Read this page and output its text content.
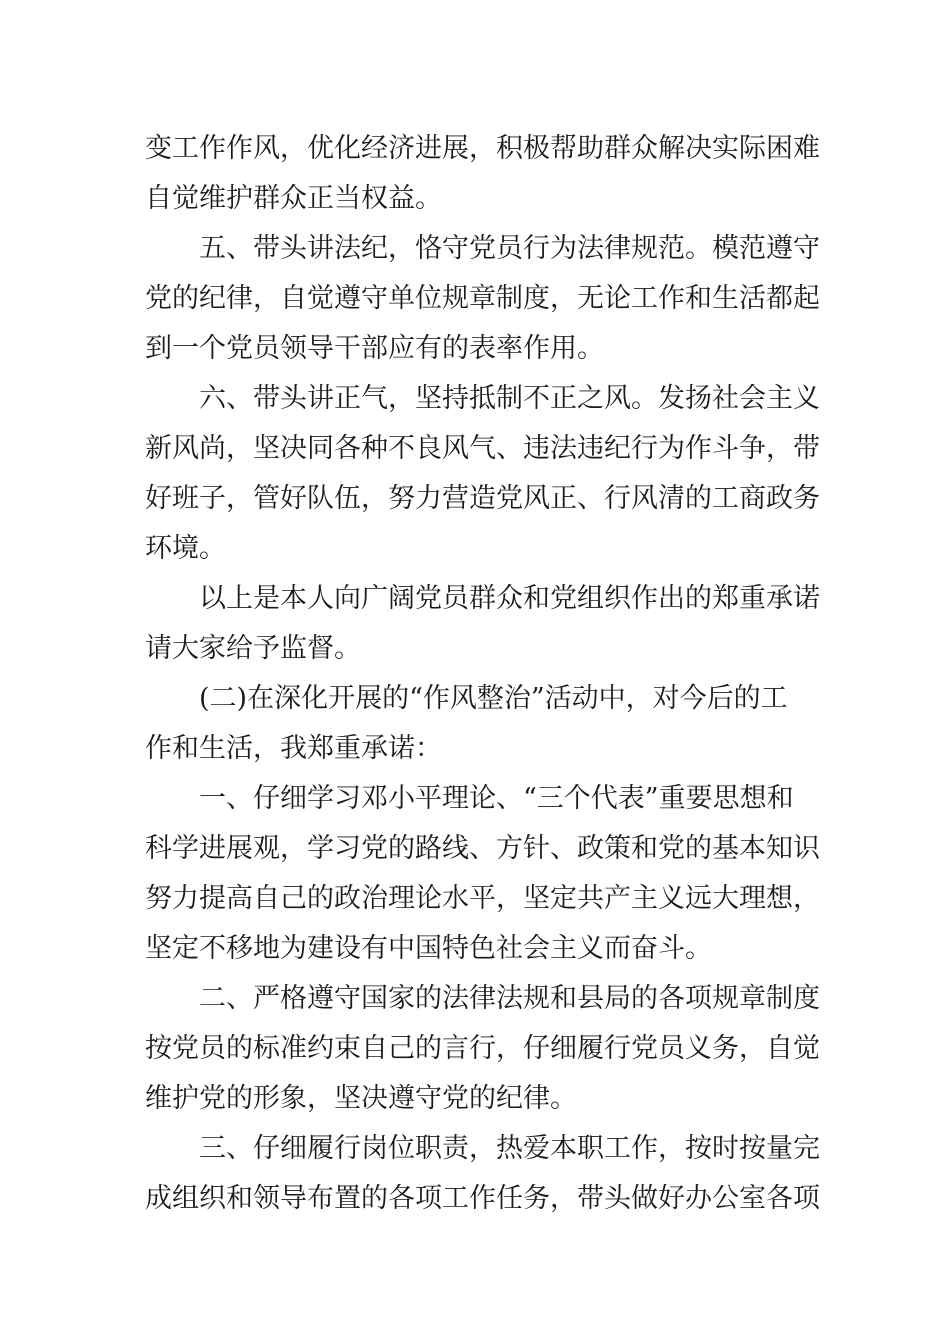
变工作作风，优化经济进展，积极帮助群众解决实际困难
自觉维护群众正当权益。
五、带头讲法纪，恪守党员行为法律规范。模范遵守
党的纪律，自觉遵守单位规章制度，无论工作和生活都起
到一个党员领导干部应有的表率作用。
六、带头讲正气，坚持抵制不正之风。发扬社会主义
新风尚，坚决同各种不良风气、违法违纪行为作斗争，带
好班子，管好队伍，努力营造党风正、行风清的工商政务
环境。
以上是本人向广阔党员群众和党组织作出的郑重承诺
请大家给予监督。
(二)在深化开展的“作风整治”活动中，对今后的工
作和生活，我郑重承诺：
一、仔细学习邓小平理论、“三个代表”重要思想和
科学进展观，学习党的路线、方针、政策和党的基本知识
努力提高自己的政治理论水平，坚定共产主义远大理想，
坚定不移地为建设有中国特色社会主义而奋斗。
二、严格遵守国家的法律法规和县局的各项规章制度
按党员的标准约束自己的言行，仔细履行党员义务，自觉
维护党的形象，坚决遵守党的纪律。
三、仔细履行岗位职责，热爱本职工作，按时按量完
成组织和领导布置的各项工作任务，带头做好办公室各项
